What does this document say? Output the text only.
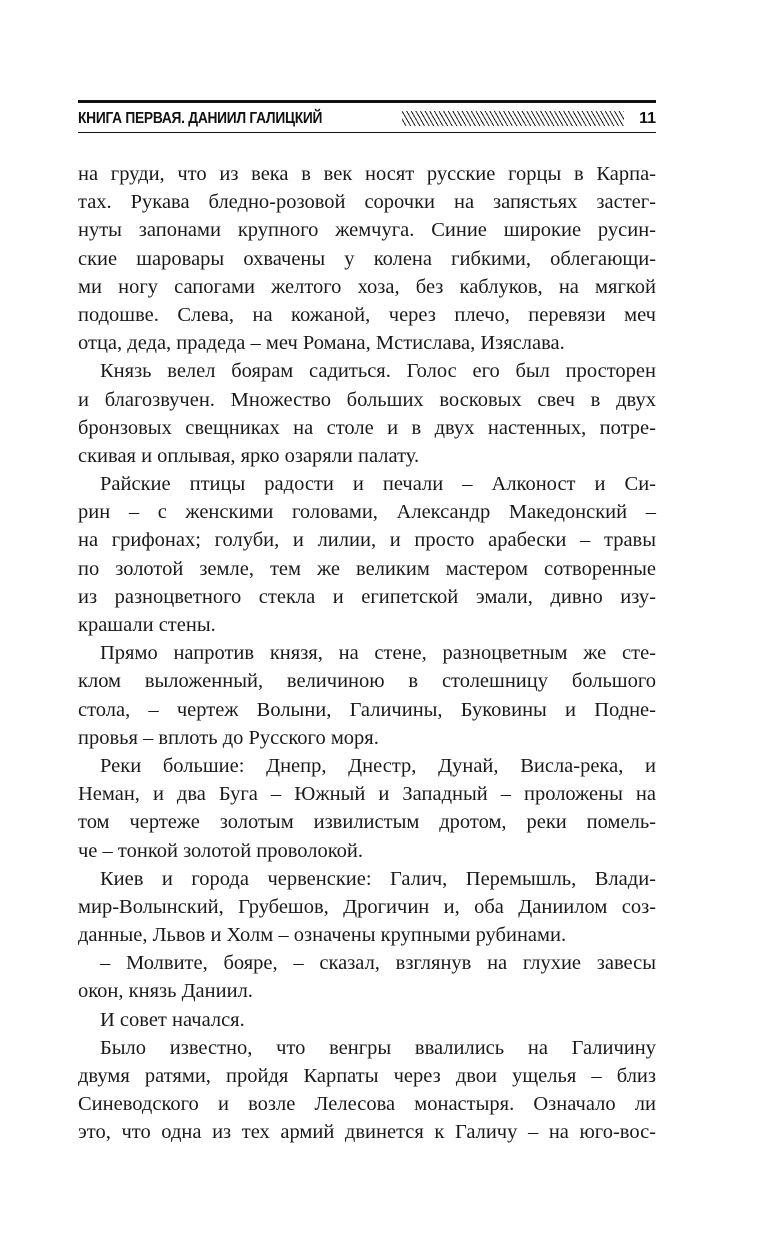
КНИГА ПЕРВАЯ. ДАНИИЛ ГАЛИЦКИЙ	11
на груди, что из века в век носят русские горцы в Карпа-
тах. Рукава бледно-розовой сорочки на запястьях застег-
нуты запонами крупного жемчуга. Синие широкие русин-
ские шаровары охвачены у колена гибкими, облегающи-
ми ногу сапогами желтого хоза, без каблуков, на мягкой
подошве. Слева, на кожаной, через плечо, перевязи меч
отца, деда, прадеда – меч Романа, Мстислава, Изяслава.
Князь велел боярам садиться. Голос его был просторен
и благозвучен. Множество больших восковых свеч в двух
бронзовых свещниках на столе и в двух настенных, потре-
скивая и оплывая, ярко озаряли палату.
Райские птицы радости и печали – Алконост и Си-
рин – с женскими головами, Александр Македонский –
на грифонах; голуби, и лилии, и просто арабески – травы
по золотой земле, тем же великим мастером сотворенные
из разноцветного стекла и египетской эмали, дивно изу-
крашали стены.
Прямо напротив князя, на стене, разноцветным же сте-
клом выложенный, величиною в столешницу большого
стола, – чертеж Волыни, Галичины, Буковины и Подне-
провья – вплоть до Русского моря.
Реки большие: Днепр, Днестр, Дунай, Висла-река, и
Неман, и два Буга – Южный и Западный – проложены на
том чертеже золотым извилистым дротом, реки помель-
че – тонкой золотой проволокой.
Киев и города червенские: Галич, Перемышль, Влади-
мир-Волынский, Грубешов, Дрогичин и, оба Даниилом соз-
данные, Львов и Холм – означены крупными рубинами.
– Молвите, бояре, – сказал, взглянув на глухие завесы
окон, князь Даниил.
И совет начался.
Было известно, что венгры ввалились на Галичину
двумя ратями, пройдя Карпаты через двои ущелья – близ
Синеводского и возле Лелесова монастыря. Означало ли
это, что одна из тех армий двинется к Галичу – на юго-вос-
